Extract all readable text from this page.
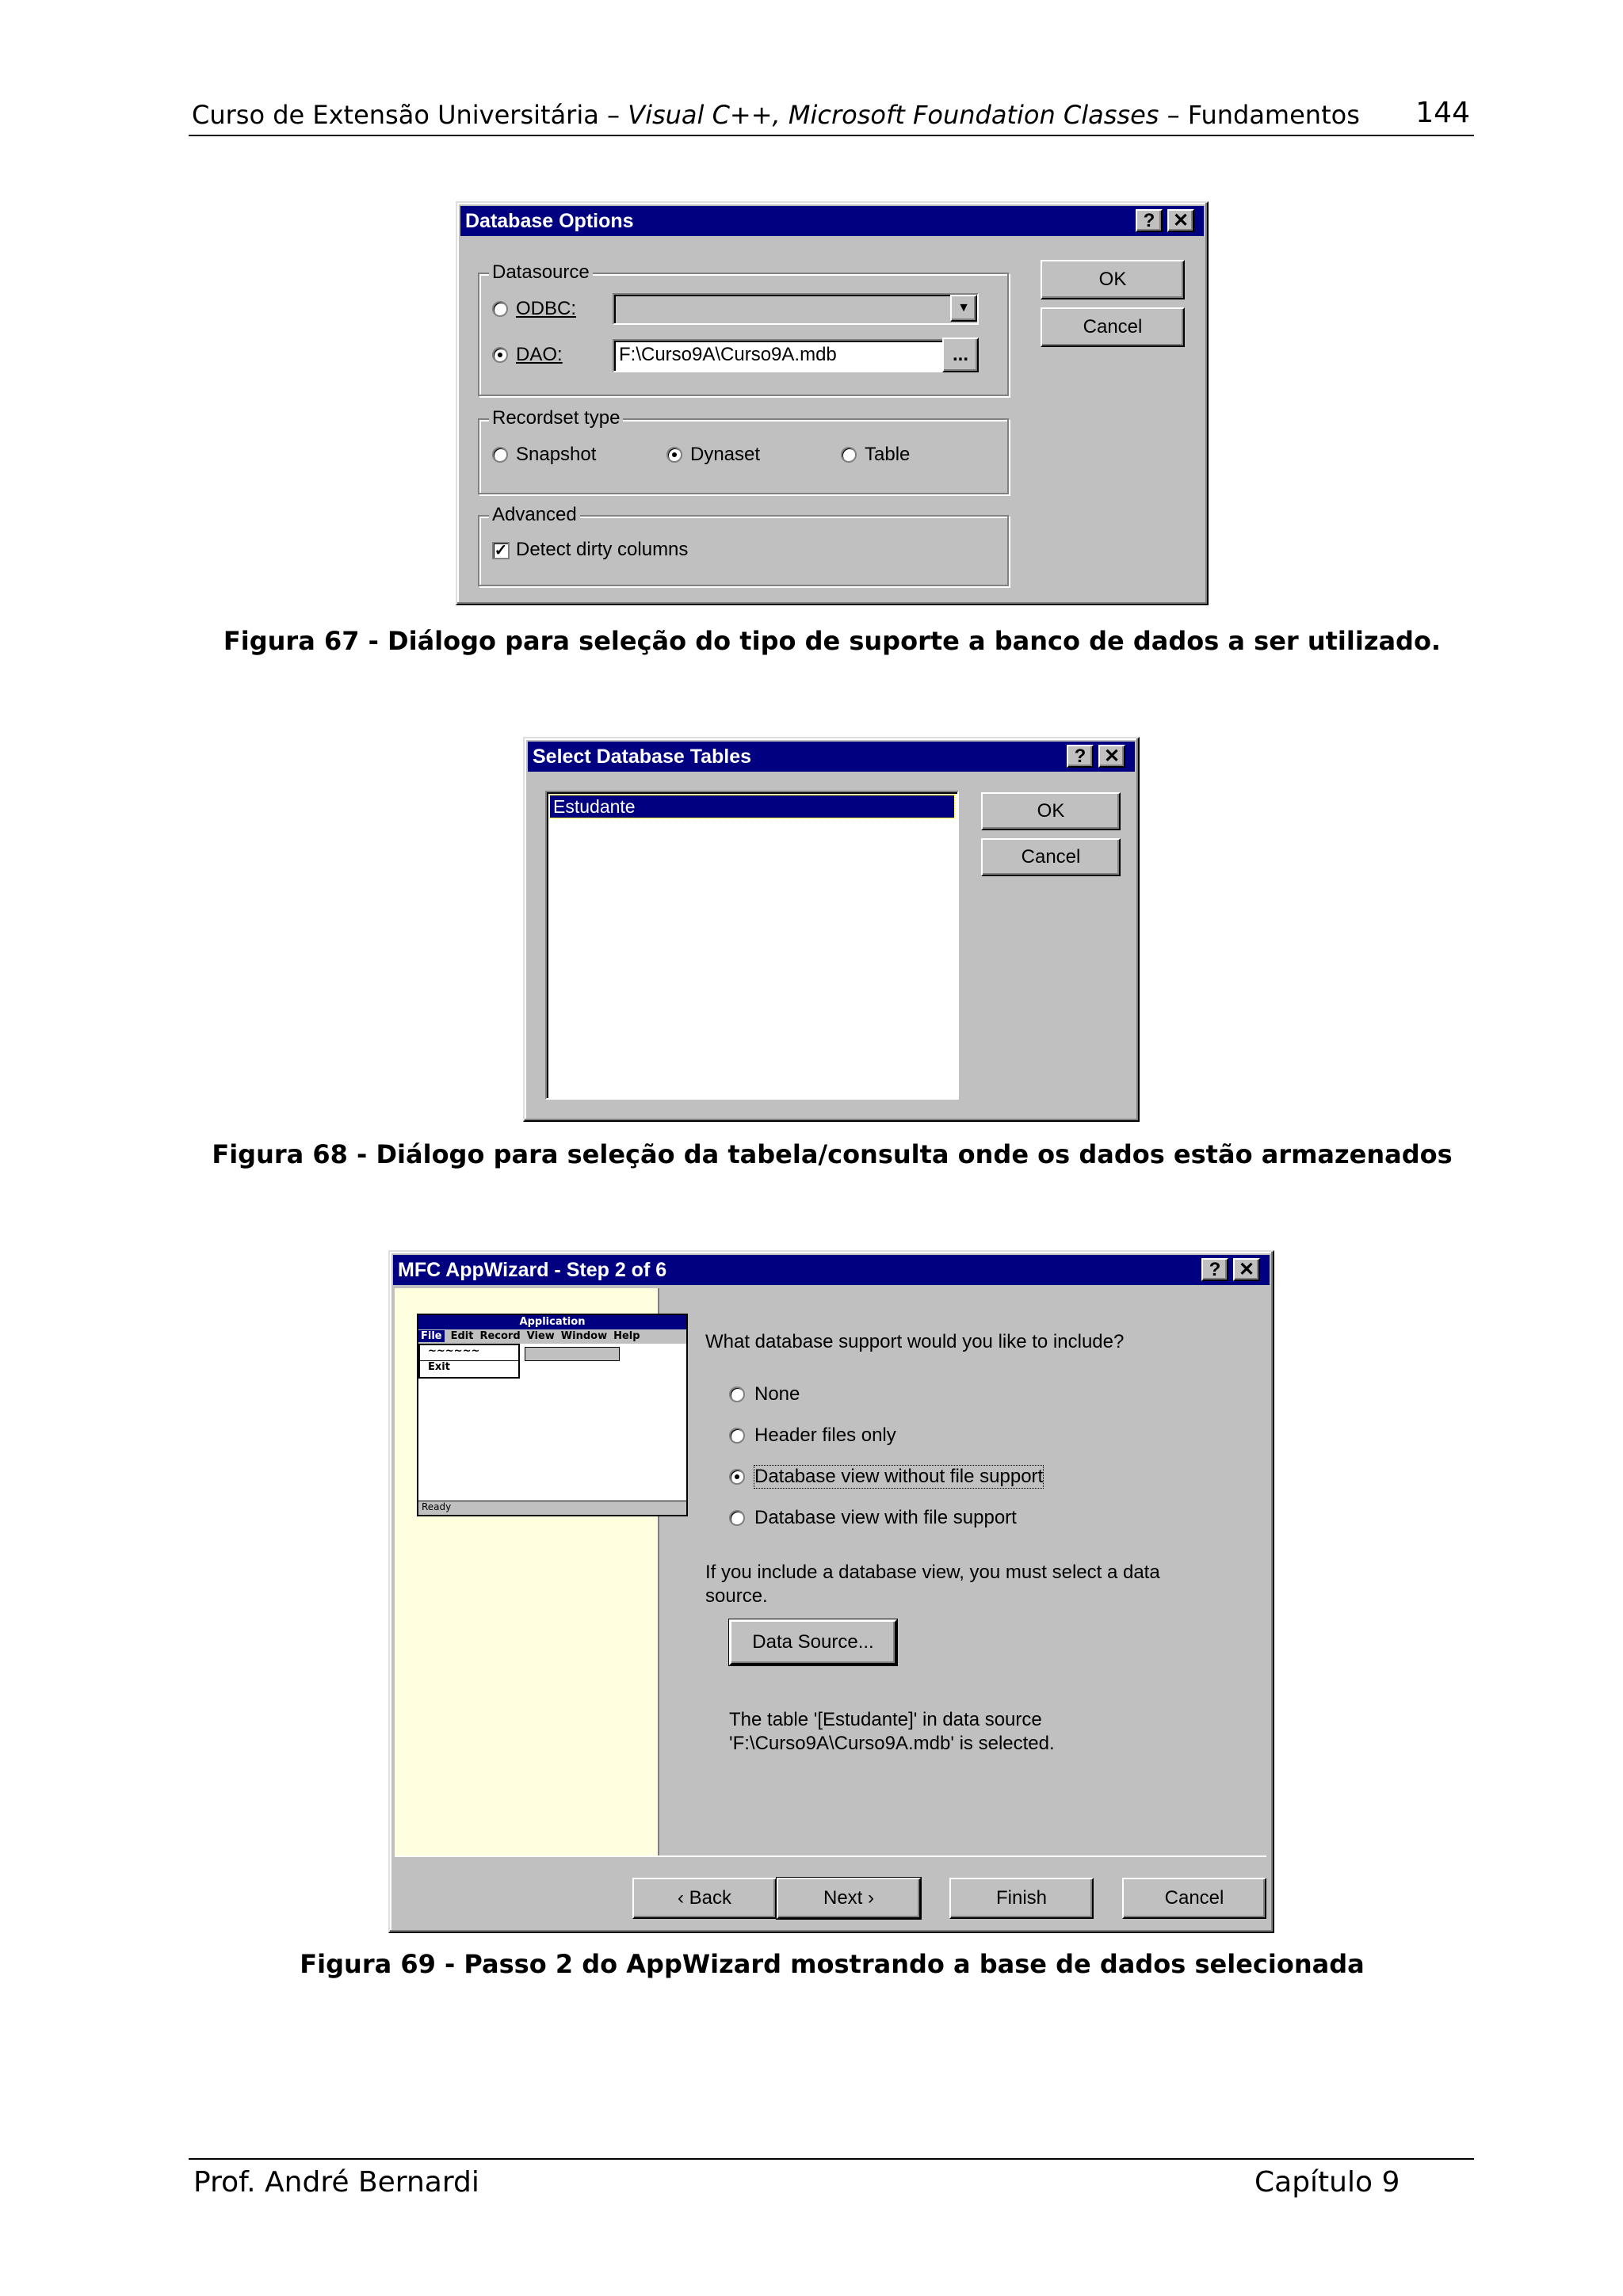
Curso de Extensão Universitária – Visual C++, Microsoft Foundation Classes – Fundamentos 144
Database Options	? ✕
OK
Cancel
Datasource
ODBC:	▼
DAO:	F:\Curso9A\Curso9A.mdb	...
Recordset type
Snapshot	Dynaset	Table
Advanced
✓ Detect dirty columns
Figura 67 - Diálogo para seleção do tipo de suporte a banco de dados a ser utilizado.
Select Database Tables	? ✕
Estudante	OK
Cancel
Figura 68 - Diálogo para seleção da tabela/consulta onde os dados estão armazenados
MFC AppWizard - Step 2 of 6	? ✕
Application
File Edit Record View Window Help
~~~~~~
Exit
Ready
What database support would you like to include?
None
Header files only
Database view without file support
Database view with file support
If you include a database view, you must select a data source.
Data Source...
The table '[Estudante]' in data source 'F:\Curso9A\Curso9A.mdb' is selected.
‹ Back	Next ›	Finish	Cancel
Figura 69 - Passo 2 do AppWizard mostrando a base de dados selecionada
Prof. André Bernardi	Capítulo 9
